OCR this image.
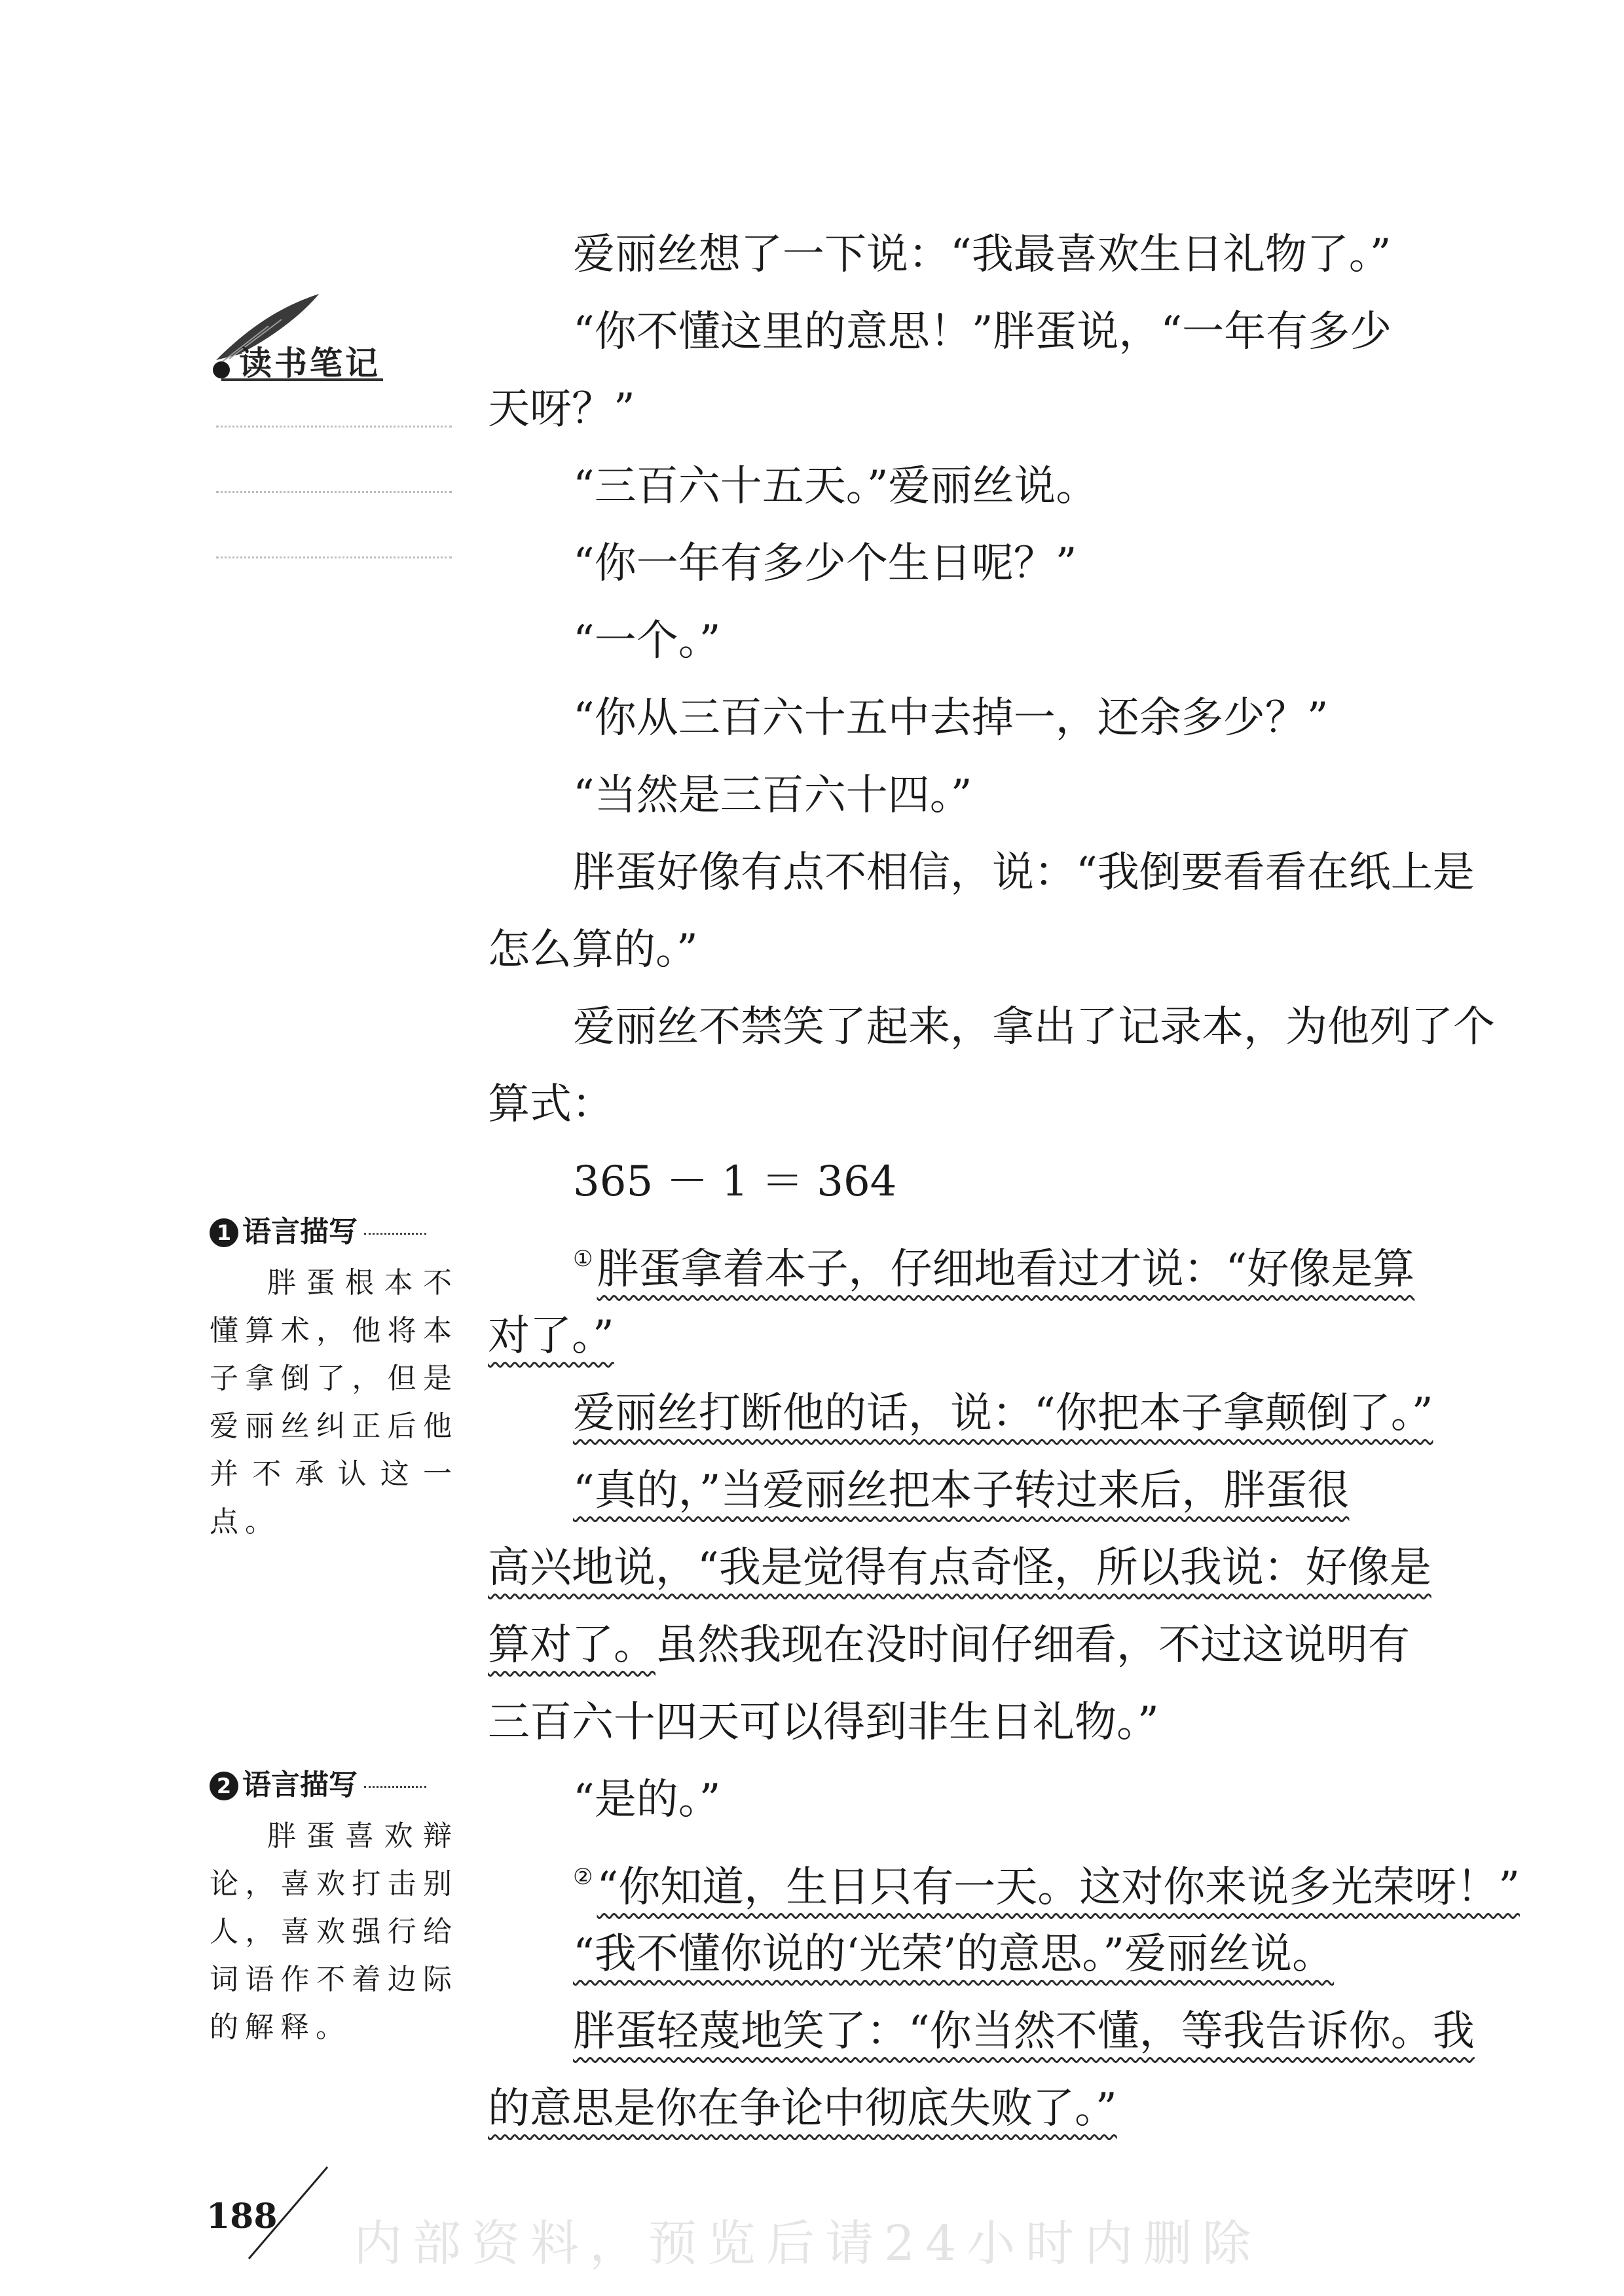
读书笔记

爱丽丝想了一下说：“我最喜欢生日礼物了。”

“你不懂这里的意思！”胖蛋说，“一年有多少

天呀？”

“三百六十五天。”爱丽丝说。

“你一年有多少个生日呢？”

“一个。”

“你从三百六十五中去掉一，还余多少？”

“当然是三百六十四。”

胖蛋好像有点不相信，说：“我倒要看看在纸上是

怎么算的。”

爱丽丝不禁笑了起来，拿出了记录本，为他列了个

算式：

365 － 1 ＝ 364

①胖蛋拿着本子，仔细地看过才说：“好像是算

对了。”

爱丽丝打断他的话，说：“你把本子拿颠倒了。”

“真的，”当爱丽丝把本子转过来后，胖蛋很

高兴地说，“我是觉得有点奇怪，所以我说：好像是

算对了。虽然我现在没时间仔细看，不过这说明有

三百六十四天可以得到非生日礼物。”

“是的。”

②“你知道，生日只有一天。这对你来说多光荣呀！”

“我不懂你说的‘光荣’的意思。”爱丽丝说。

胖蛋轻蔑地笑了：“你当然不懂，等我告诉你。我

的意思是你在争论中彻底失败了。”

1 语言描写
胖蛋根本不懂算术，他将本子拿倒了，但是爱丽丝纠正后他并不承认这一点。
2 语言描写
胖蛋喜欢辩论，喜欢打击别人，喜欢强行给词语作不着边际的解释。
188 内部资料，预览后请24小时内删除
